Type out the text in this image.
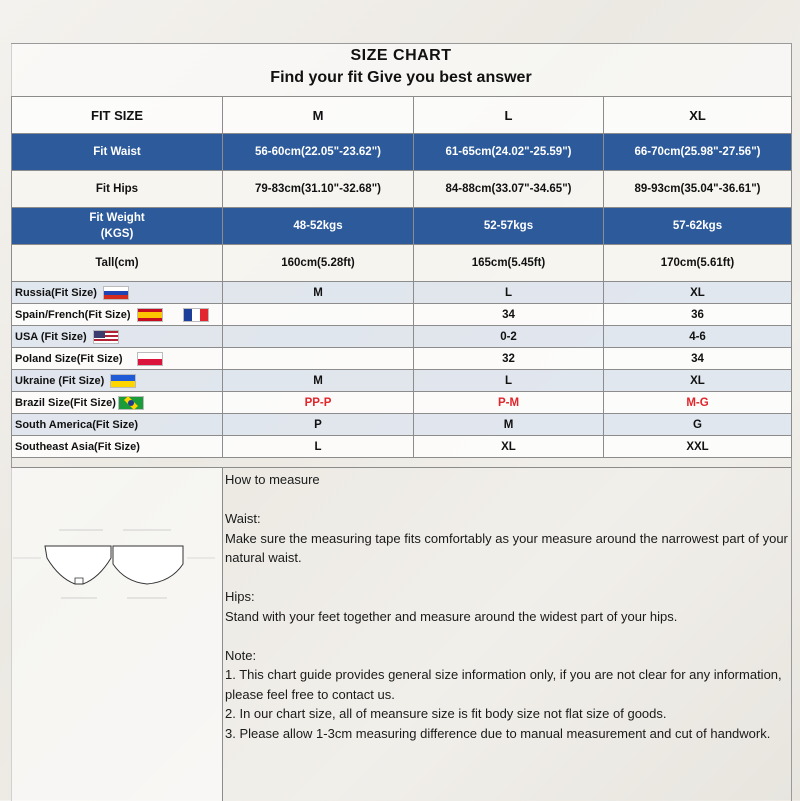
SIZE CHART
Find your fit Give you best answer
FIT SIZE	M	L	XL
Fit Waist	56-60cm(22.05"-23.62")	61-65cm(24.02"-25.59")	66-70cm(25.98"-27.56")
Fit Hips	79-83cm(31.10"-32.68")	84-88cm(33.07"-34.65")	89-93cm(35.04"-36.61")

Fit Weight
(KGS)	48-52kgs	52-57kgs	57-62kgs
Tall(cm)	160cm(5.28ft)	165cm(5.45ft)	170cm(5.61ft)
Russia(Fit Size)	M	L	XL
Spain/French(Fit Size)		34	36
USA (Fit Size)		0-2	4-6
Poland Size(Fit Size)		32	34
Ukraine (Fit Size)	M	L	XL
Brazil Size(Fit Size)	PP-P	P-M	M-G
South America(Fit Size)	P	M	G
Southeast Asia(Fit Size)	L	XL	XXL

How to measure

Waist:

Make sure the measuring tape fits comfortably as your measure around the narrowest part of your natural waist.

Hips:

Stand with your feet together and measure around the widest part of your hips.

Note:

1. This chart guide provides general size information only, if you are not clear for any information, please feel free to contact us.

2. In our chart size, all of meansure size is fit body size not flat size of goods.

3. Please allow 1-3cm measuring difference due to manual measurement and cut of handwork.
